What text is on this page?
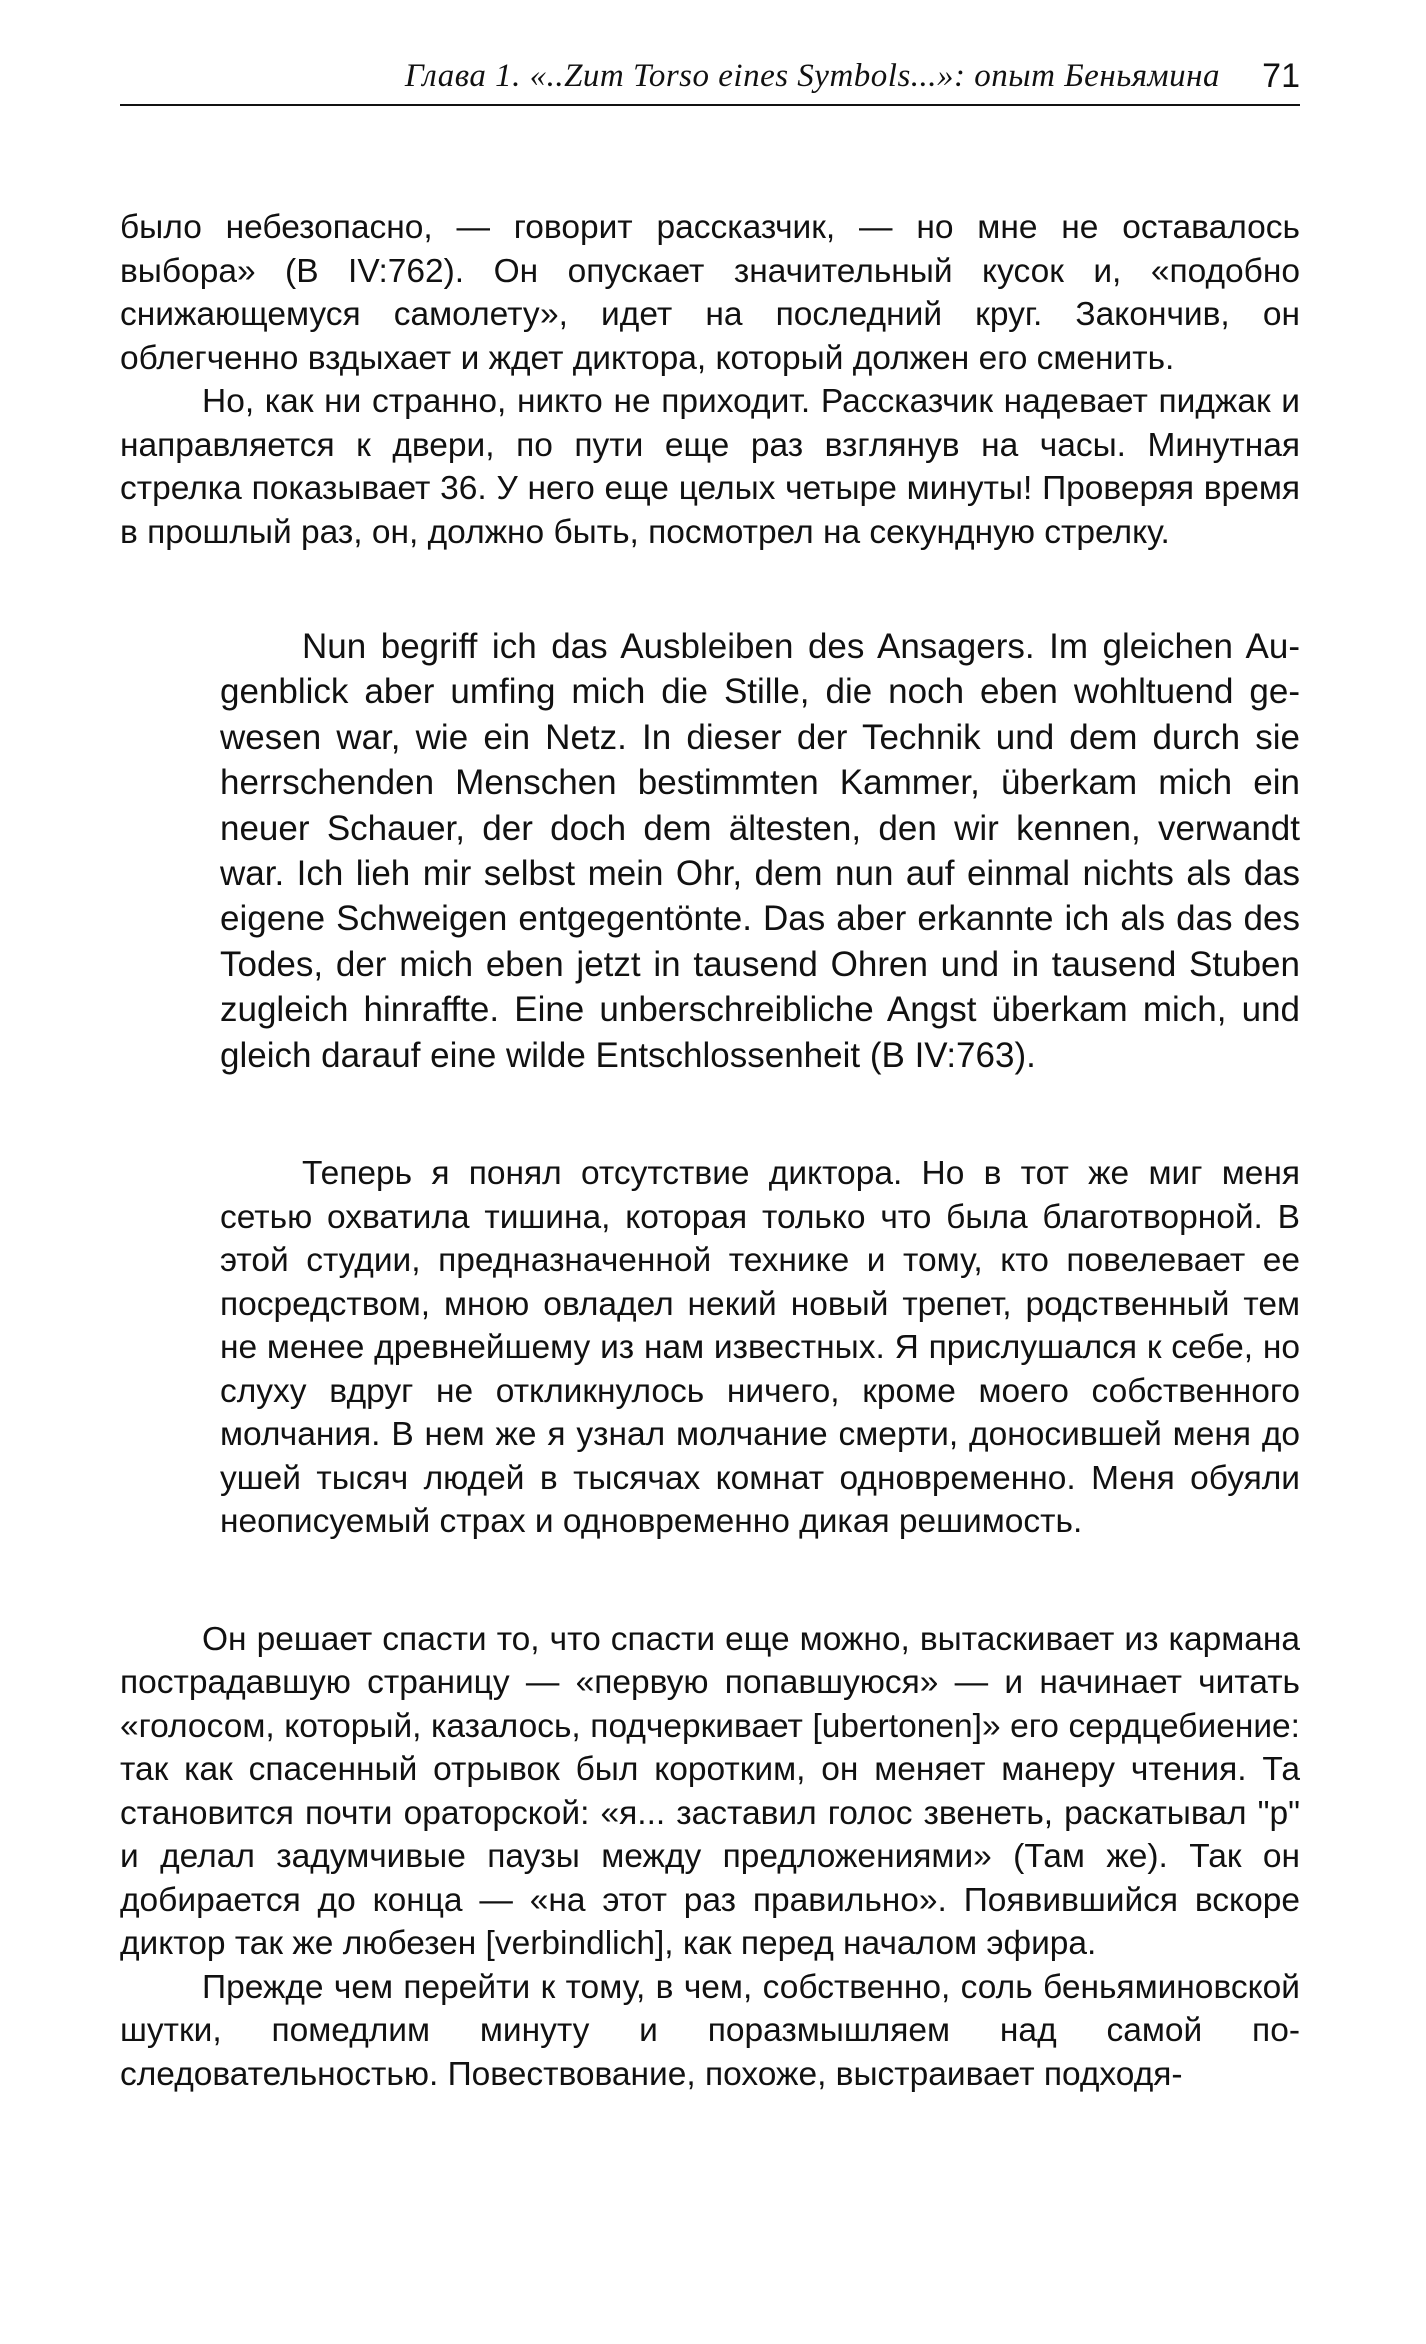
Глава 1. «..Zum Torso eines Symbols...»: опыт Беньямина 71

было небезопасно, — говорит рассказчик, — но мне не оставалось выбора» (В IV:762). Он опускает значительный кусок и, «подобно снижающемуся самолету», идет на последний круг. Закончив, он облегченно вздыхает и ждет диктора, который должен его сменить.

Но, как ни странно, никто не приходит. Рассказчик надевает пиджак и направляется к двери, по пути еще раз взглянув на часы. Минутная стрелка показывает 36. У него еще целых четыре минуты! Проверяя время в прошлый раз, он, должно быть, посмотрел на секундную стрелку.

Nun begriff ich das Ausbleiben des Ansagers. Im gleichen Augenblick aber umfing mich die Stille, die noch eben wohltuend gewesen war, wie ein Netz. In dieser der Technik und dem durch sie herrschenden Menschen bestimmten Kammer, überkam mich ein neuer Schauer, der doch dem ältesten, den wir kennen, verwandt war. Ich lieh mir selbst mein Ohr, dem nun auf einmal nichts als das eigene Schweigen entgegentönte. Das aber erkannte ich als das des Todes, der mich eben jetzt in tausend Ohren und in tausend Stuben zugleich hinraffte. Eine unberschreibliche Angst überkam mich, und gleich darauf eine wilde Entschlossenheit (B IV:763).

Теперь я понял отсутствие диктора. Но в тот же миг меня сетью охватила тишина, которая только что была благотворной. В этой студии, предназначенной технике и тому, кто повелевает ее посредством, мною овладел некий новый трепет, родственный тем не менее древнейшему из нам известных. Я прислушался к себе, но слуху вдруг не откликнулось ничего, кроме моего собственного молчания. В нем же я узнал молчание смерти, доносившей меня до ушей тысяч людей в тысячах комнат одновременно. Меня обуяли неописуемый страх и одновременно дикая решимость.

Он решает спасти то, что спасти еще можно, вытаскивает из кармана пострадавшую страницу — «первую попавшуюся» — и начинает читать «голосом, который, казалось, подчеркивает [ubertonen]» его сердцебиение: так как спасенный отрывок был коротким, он меняет манеру чтения. Та становится почти ораторской: «я... заставил голос звенеть, раскатывал "р" и делал задумчивые паузы между предложениями» (Там же). Так он добирается до конца — «на этот раз правильно». Появившийся вскоре диктор так же любезен [verbindlich], как перед началом эфира.

Прежде чем перейти к тому, в чем, собственно, соль беньяминовской шутки, помедлим минуту и поразмышляем над самой последовательностью. Повествование, похоже, выстраивает подходя-
